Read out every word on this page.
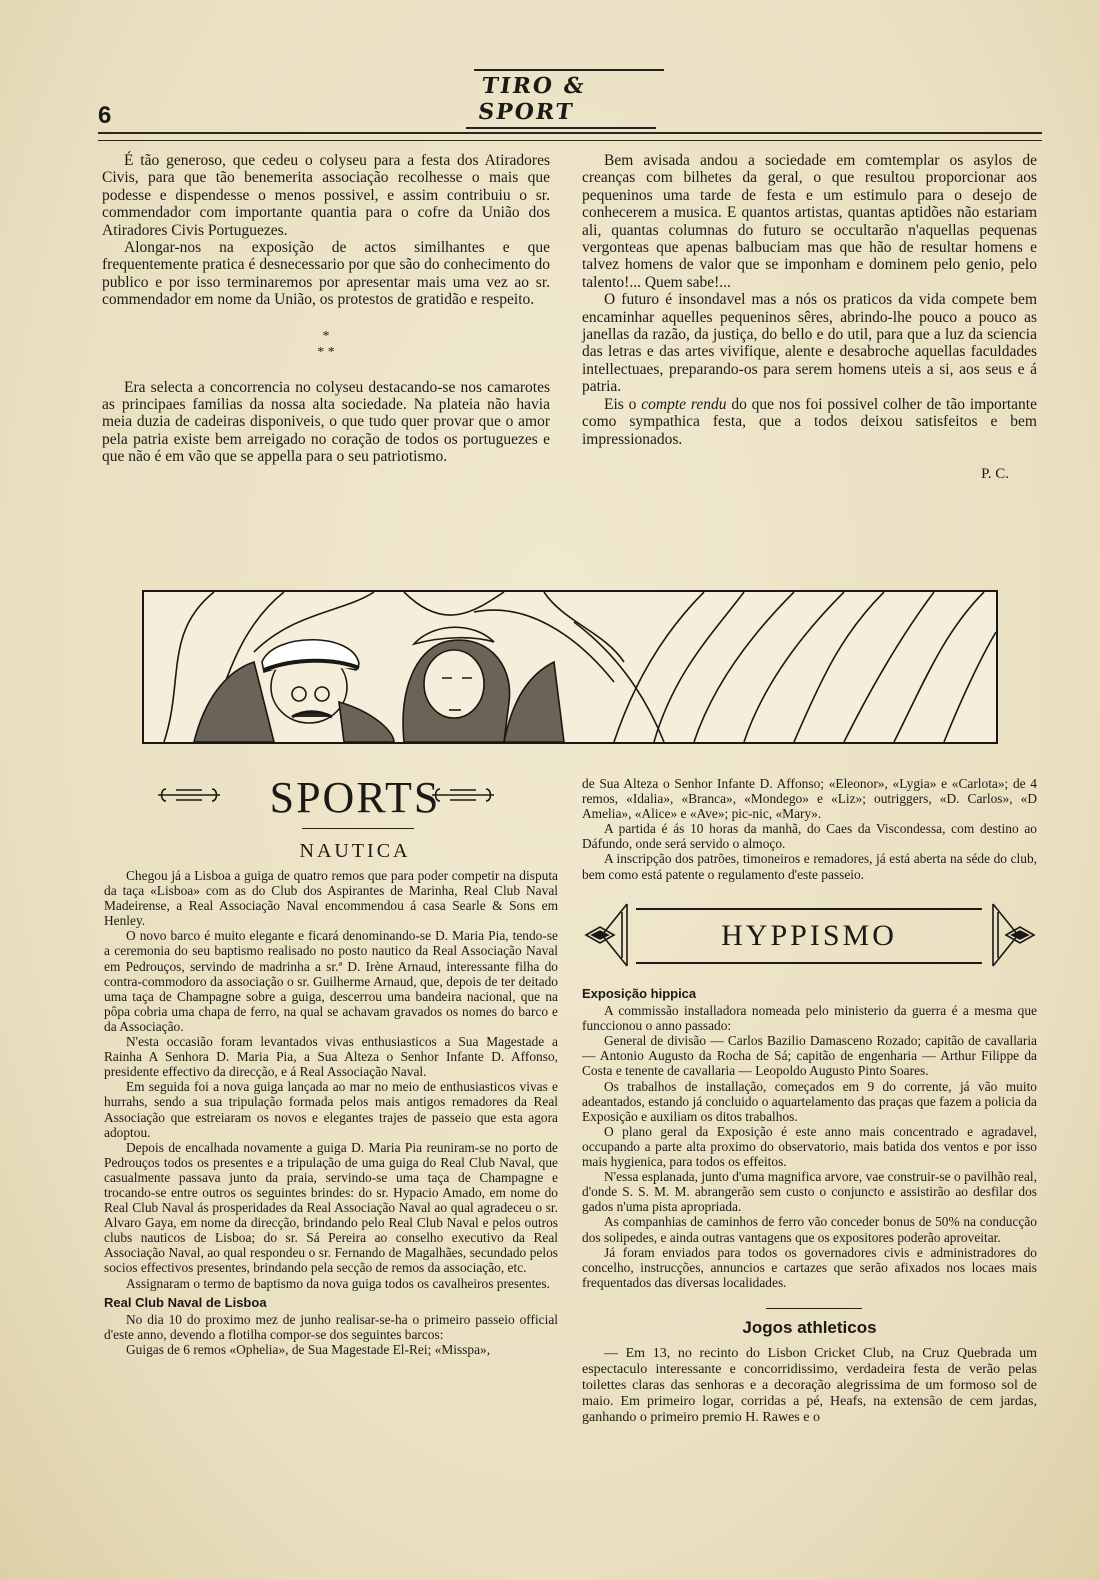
6
TIRO & SPORT

É tão generoso, que cedeu o colyseu para a festa dos Atiradores Civis, para que tão benemerita associação recolhesse o mais que podesse e dispendesse o menos possivel, e assim contribuiu o sr. commendador com importante quantia para o cofre da União dos Atiradores Civis Portuguezes.

Alongar-nos na exposição de actos similhantes e que frequentemente pratica é desnecessario por que são do conhecimento do publico e por isso terminaremos por apresentar mais uma vez ao sr. commendador em nome da União, os protestos de gratidão e respeito.

*
* *

Era selecta a concorrencia no colyseu destacando-se nos camarotes as principaes familias da nossa alta sociedade. Na plateia não havia meia duzia de cadeiras disponiveis, o que tudo quer provar que o amor pela patria existe bem arreigado no coração de todos os portuguezes e que não é em vão que se appella para o seu patriotismo.

Bem avisada andou a sociedade em comtemplar os asylos de creanças com bilhetes da geral, o que resultou proporcionar aos pequeninos uma tarde de festa e um estimulo para o desejo de conhecerem a musica. E quantos artistas, quantas aptidões não estariam ali, quantas columnas do futuro se occultarão n'aquellas pequenas vergonteas que apenas balbuciam mas que hão de resultar homens e talvez homens de valor que se imponham e dominem pelo genio, pelo talento!... Quem sabe!...

O futuro é insondavel mas a nós os praticos da vida compete bem encaminhar aquelles pequeninos sêres, abrindo-lhe pouco a pouco as janellas da razão, da justiça, do bello e do util, para que a luz da sciencia das letras e das artes vivifique, alente e desabroche aquellas faculdades intellectuaes, preparando-os para serem homens uteis a si, aos seus e á patria.

Eis o compte rendu do que nos foi possivel colher de tão importante como sympathica festa, que a todos deixou satisfeitos e bem impressionados.

P. C.
SPORTS
NAUTICA

Chegou já a Lisboa a guiga de quatro remos que para poder competir na disputa da taça «Lisboa» com as do Club dos Aspirantes de Marinha, Real Club Naval Madeirense, a Real Associação Naval encommendou á casa Searle & Sons em Henley.

O novo barco é muito elegante e ficará denominando-se D. Maria Pia, tendo-se a ceremonia do seu baptismo realisado no posto nautico da Real Associação Naval em Pedrouços, servindo de madrinha a sr.ª D. Irène Arnaud, interessante filha do contra-commodoro da associação o sr. Guilherme Arnaud, que, depois de ter deitado uma taça de Champagne sobre a guiga, descerrou uma bandeira nacional, que na pôpa cobria uma chapa de ferro, na qual se achavam gravados os nomes do barco e da Associação.

N'esta occasião foram levantados vivas enthusiasticos a Sua Magestade a Rainha A Senhora D. Maria Pia, a Sua Alteza o Senhor Infante D. Affonso, presidente effectivo da direcção, e á Real Associação Naval.

Em seguida foi a nova guiga lançada ao mar no meio de enthusiasticos vivas e hurrahs, sendo a sua tripulação formada pelos mais antigos remadores da Real Associação que estreiaram os novos e elegantes trajes de passeio que esta agora adoptou.

Depois de encalhada novamente a guiga D. Maria Pia reuniram-se no porto de Pedrouços todos os presentes e a tripulação de uma guiga do Real Club Naval, que casualmente passava junto da praia, servindo-se uma taça de Champagne e trocando-se entre outros os seguintes brindes: do sr. Hypacio Amado, em nome do Real Club Naval ás prosperidades da Real Associação Naval ao qual agradeceu o sr. Alvaro Gaya, em nome da direcção, brindando pelo Real Club Naval e pelos outros clubs nauticos de Lisboa; do sr. Sá Pereira ao conselho executivo da Real Associação Naval, ao qual respondeu o sr. Fernando de Magalhães, secundado pelos socios effectivos presentes, brindando pela secção de remos da associação, etc.

Assignaram o termo de baptismo da nova guiga todos os cavalheiros presentes.

Real Club Naval de Lisboa

No dia 10 do proximo mez de junho realisar-se-ha o primeiro passeio official d'este anno, devendo a flotilha compor-se dos seguintes barcos:

Guigas de 6 remos «Ophelia», de Sua Magestade El-Rei; «Misspa»,

de Sua Alteza o Senhor Infante D. Affonso; «Eleonor», «Lygia» e «Carlota»; de 4 remos, «Idalia», «Branca», «Mondego» e «Liz»; outriggers, «D. Carlos», «D Amelia», «Alice» e «Ave»; pic-nic, «Mary».

A partida é ás 10 horas da manhã, do Caes da Viscondessa, com destino ao Dáfundo, onde será servido o almoço.

A inscripção dos patrões, timoneiros e remadores, já está aberta na séde do club, bem como está patente o regulamento d'este passeio.

HYPPISMO
Exposição hippica

A commissão installadora nomeada pelo ministerio da guerra é a mesma que funccionou o anno passado:

General de divisão — Carlos Bazilio Damasceno Rozado; capitão de cavallaria — Antonio Augusto da Rocha de Sá; capitão de engenharia — Arthur Filippe da Costa e tenente de cavallaria — Leopoldo Augusto Pinto Soares.

Os trabalhos de installação, começados em 9 do corrente, já vão muito adeantados, estando já concluido o aquartelamento das praças que fazem a policia da Exposição e auxiliam os ditos trabalhos.

O plano geral da Exposição é este anno mais concentrado e agradavel, occupando a parte alta proximo do observatorio, mais batida dos ventos e por isso mais hygienica, para todos os effeitos.

N'essa esplanada, junto d'uma magnifica arvore, vae construir-se o pavilhão real, d'onde S. S. M. M. abrangerão sem custo o conjuncto e assistirão ao desfilar dos gados n'uma pista apropriada.

As companhias de caminhos de ferro vão conceder bonus de 50% na conducção dos solipedes, e ainda outras vantagens que os expositores poderão aproveitar.

Já foram enviados para todos os governadores civis e administradores do concelho, instrucções, annuncios e cartazes que serão afixados nos locaes mais frequentados das diversas localidades.

Jogos athleticos

— Em 13, no recinto do Lisbon Cricket Club, na Cruz Quebrada um espectaculo interessante e concorridissimo, verdadeira festa de verão pelas toilettes claras das senhoras e a decoração alegrissima de um formoso sol de maio. Em primeiro logar, corridas a pé, Heafs, na extensão de cem jardas, ganhando o primeiro premio H. Rawes e o
